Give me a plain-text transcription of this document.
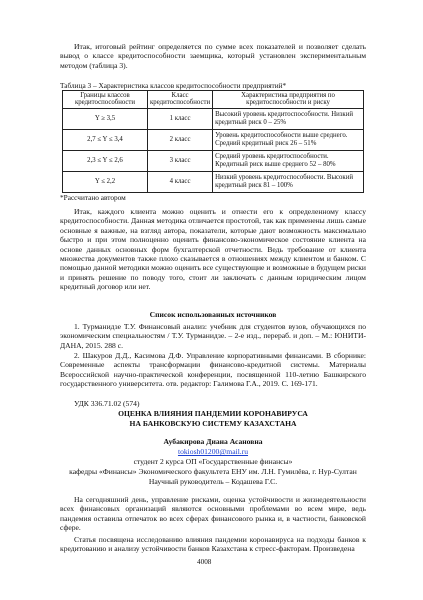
Итак, итоговый рейтинг определяется по сумме всех показателей и позволяет сделать вывод о классе кредитоспособности заемщика, который установлен экспериментальным методом (таблица 3).
Таблица 3 – Характеристика классов кредитоспособности предприятий*
Границы классов кредитоспособности	Класс кредитоспособности	Характеристика предприятия по кредитоспособности и риску
Y ≥ 3,5	1 класс	Высокий уровень кредитоспособности. Низкий кредитный риск 0 – 25%
2,7 ≤ Y ≤ 3,4	2 класс	Уровень кредитоспособности выше среднего. Средний кредитный риск 26 – 51%
2,3 ≤ Y ≤ 2,6	3 класс	Средний уровень кредитоспособности. Кредитный риск выше среднего 52 – 80%
Y ≤ 2,2	4 класс	Низкий уровень кредитоспособности. Высокий кредитный риск 81 – 100%
*Рассчитано автором
Итак, каждого клиента можно оценить и отнести его к определенному классу кредитоспособности. Данная методика отличается простотой, так как применены лишь самые основные я важные, на взгляд автора, показатели, которые дают возможность максимально быстро и при этом полноценно оценить финансово-экономическое состояние клиента на основе данных основных форм бухгалтерской отчетности. Ведь требование от клиента множества документов также плохо сказывается в отношениях между клиентом и банком. С помощью данной методики можно оценить все существующие и возможные в будущем риски и принять решение по поводу того, стоит ли заключать с данным юридическим лицом кредитный договор или нет.
Список использованных источников
1. Турманидзе Т.У. Финансовый анализ: учебник для студентов вузов, обучающихся по экономическим специальностям / Т.У. Турманидзе. – 2-е изд., перераб. и доп. – М.: ЮНИТИ-ДАНА, 2015. 288 с.
2. Шакуров Д.Д., Касимова Д.Ф. Управление корпоративными финансами. В сборнике: Современные аспекты трансформации финансово-кредитной системы. Материалы Всероссийской научно-практической конференции, посвященной 110-летию Башкирского государственного университета. отв. редактор: Галимова Г.А., 2019. С. 169-171.
УДК 336.71.02 (574)
ОЦЕНКА ВЛИЯНИЯ ПАНДЕМИИ КОРОНАВИРУСА
НА БАНКОВСКУЮ СИСТЕМУ КАЗАХСТАНА
Аубакирова Диана Асановна
tokiosh01200@mail.ru
студент 2 курса ОП «Государственные финансы»
кафедры «Финансы» Экономического факультета ЕНУ им. Л.Н. Гумилёва, г. Нур-Султан
Научный руководитель – Кодашева Г.С.
На сегодняшний день, управление рисками, оценка устойчивости и жизнедеятельности всех финансовых организаций являются основными проблемами во всем мире, ведь пандемия оставила отпечаток во всех сферах финансового рынка и, в частности, банковской сфере.
Статья посвящена исследованию влияния пандемии коронавируса на подходы банков к кредитованию и анализу устойчивости банков Казахстана к стресс-факторам. Произведена
4008
